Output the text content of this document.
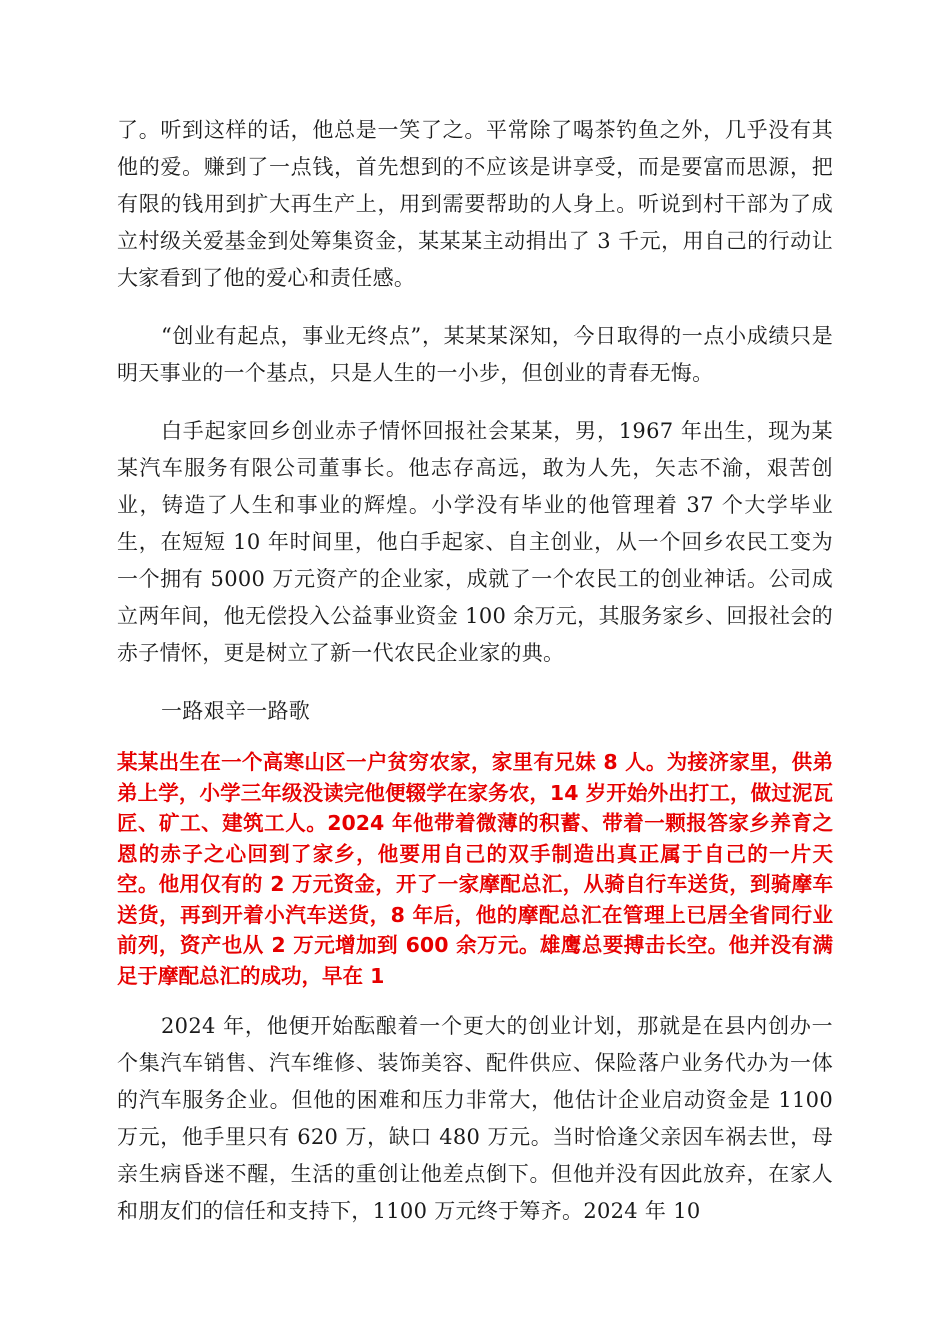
了。听到这样的话，他总是一笑了之。平常除了喝茶钓鱼之外，几乎没有其他的爱。赚到了一点钱，首先想到的不应该是讲享受，而是要富而思源，把有限的钱用到扩大再生产上，用到需要帮助的人身上。听说到村干部为了成立村级关爱基金到处筹集资金，某某某主动捐出了 3 千元，用自己的行动让大家看到了他的爱心和责任感。

“创业有起点，事业无终点”，某某某深知，今日取得的一点小成绩只是明天事业的一个基点，只是人生的一小步，但创业的青春无悔。

白手起家回乡创业赤子情怀回报社会某某，男，1967 年出生，现为某某汽车服务有限公司董事长。他志存高远，敢为人先，矢志不渝，艰苦创业，铸造了人生和事业的辉煌。小学没有毕业的他管理着 37 个大学毕业生，在短短 10 年时间里，他白手起家、自主创业，从一个回乡农民工变为一个拥有 5000 万元资产的企业家，成就了一个农民工的创业神话。公司成立两年间，他无偿投入公益事业资金 100 余万元，其服务家乡、回报社会的赤子情怀，更是树立了新一代农民企业家的典。

一路艰辛一路歌

某某出生在一个高寒山区一户贫穷农家，家里有兄妹 8 人。为接济家里，供弟弟上学，小学三年级没读完他便辍学在家务农，14 岁开始外出打工，做过泥瓦匠、矿工、建筑工人。2024 年他带着微薄的积蓄、带着一颗报答家乡养育之恩的赤子之心回到了家乡，他要用自己的双手制造出真正属于自己的一片天空。他用仅有的 2 万元资金，开了一家摩配总汇，从骑自行车送货，到骑摩车送货，再到开着小汽车送货，8 年后，他的摩配总汇在管理上已居全省同行业前列，资产也从 2 万元增加到 600 余万元。雄鹰总要搏击长空。他并没有满足于摩配总汇的成功，早在 1

2024 年，他便开始酝酿着一个更大的创业计划，那就是在县内创办一个集汽车销售、汽车维修、装饰美容、配件供应、保险落户业务代办为一体的汽车服务企业。但他的困难和压力非常大，他估计企业启动资金是 1100 万元，他手里只有 620 万，缺口 480 万元。当时恰逢父亲因车祸去世，母亲生病昏迷不醒，生活的重创让他差点倒下。但他并没有因此放弃，在家人和朋友们的信任和支持下，1100 万元终于筹齐。2024 年 10
